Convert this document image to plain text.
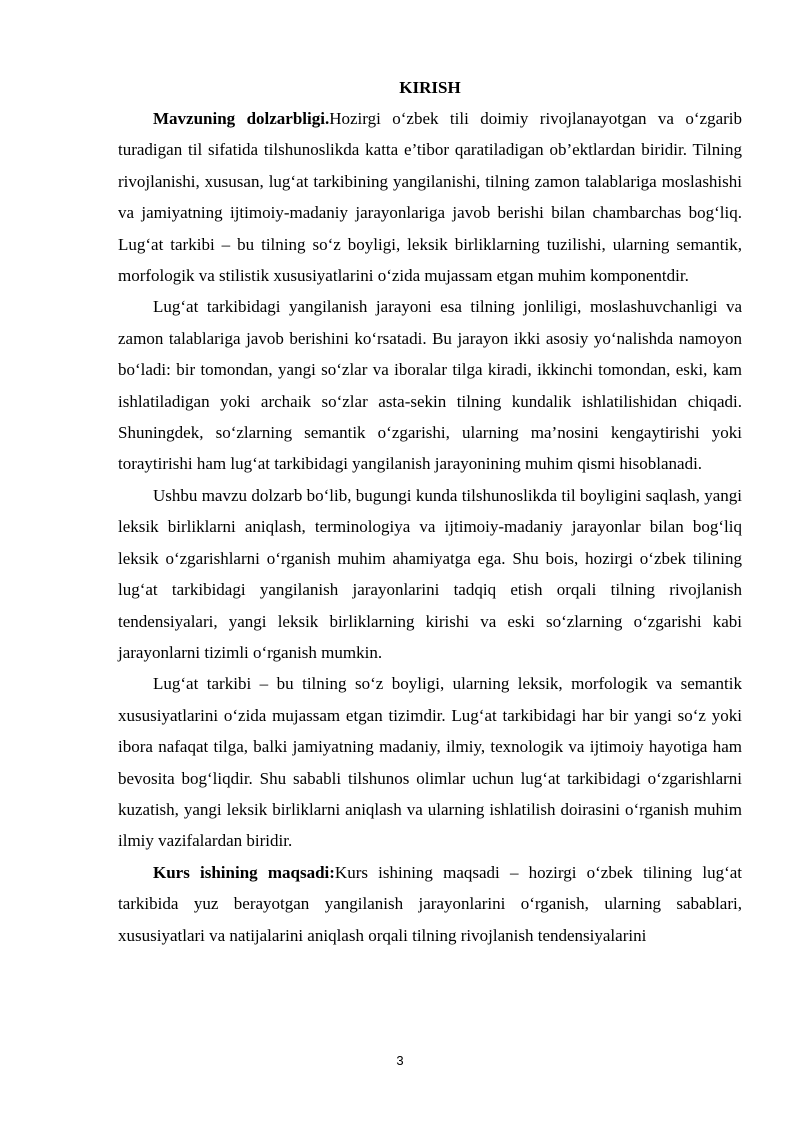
KIRISH

Mavzuning dolzarbligi.Hozirgi o‘zbek tili doimiy rivojlanayotgan va o‘zgarib turadigan til sifatida tilshunoslikda katta e’tibor qaratiladigan ob’ektlardan biridir. Tilning rivojlanishi, xususan, lug‘at tarkibining yangilanishi, tilning zamon talablariga moslashishi va jamiyatning ijtimoiy-madaniy jarayonlariga javob berishi bilan chambarchas bog‘liq. Lug‘at tarkibi – bu tilning so‘z boyligi, leksik birliklarning tuzilishi, ularning semantik, morfologik va stilistik xususiyatlarini o‘zida mujassam etgan muhim komponentdir.

Lug‘at tarkibidagi yangilanish jarayoni esa tilning jonliligi, moslashuvchanligi va zamon talablariga javob berishini ko‘rsatadi. Bu jarayon ikki asosiy yo‘nalishda namoyon bo‘ladi: bir tomondan, yangi so‘zlar va iboralar tilga kiradi, ikkinchi tomondan, eski, kam ishlatiladigan yoki archaik so‘zlar asta-sekin tilning kundalik ishlatilishidan chiqadi. Shuningdek, so‘zlarning semantik o‘zgarishi, ularning ma’nosini kengaytirishi yoki toraytirishi ham lug‘at tarkibidagi yangilanish jarayonining muhim qismi hisoblanadi.

Ushbu mavzu dolzarb bo‘lib, bugungi kunda tilshunoslikda til boyligini saqlash, yangi leksik birliklarni aniqlash, terminologiya va ijtimoiy-madaniy jarayonlar bilan bog‘liq leksik o‘zgarishlarni o‘rganish muhim ahamiyatga ega. Shu bois, hozirgi o‘zbek tilining lug‘at tarkibidagi yangilanish jarayonlarini tadqiq etish orqali tilning rivojlanish tendensiyalari, yangi leksik birliklarning kirishi va eski so‘zlarning o‘zgarishi kabi jarayonlarni tizimli o‘rganish mumkin.

Lug‘at tarkibi – bu tilning so‘z boyligi, ularning leksik, morfologik va semantik xususiyatlarini o‘zida mujassam etgan tizimdir. Lug‘at tarkibidagi har bir yangi so‘z yoki ibora nafaqat tilga, balki jamiyatning madaniy, ilmiy, texnologik va ijtimoiy hayotiga ham bevosita bog‘liqdir. Shu sababli tilshunos olimlar uchun lug‘at tarkibidagi o‘zgarishlarni kuzatish, yangi leksik birliklarni aniqlash va ularning ishlatilish doirasini o‘rganish muhim ilmiy vazifalardan biridir.

Kurs ishining maqsadi:Kurs ishining maqsadi – hozirgi o‘zbek tilining lug‘at tarkibida yuz berayotgan yangilanish jarayonlarini o‘rganish, ularning sabablari, xususiyatlari va natijalarini aniqlash orqali tilning rivojlanish tendensiyalarini

3
